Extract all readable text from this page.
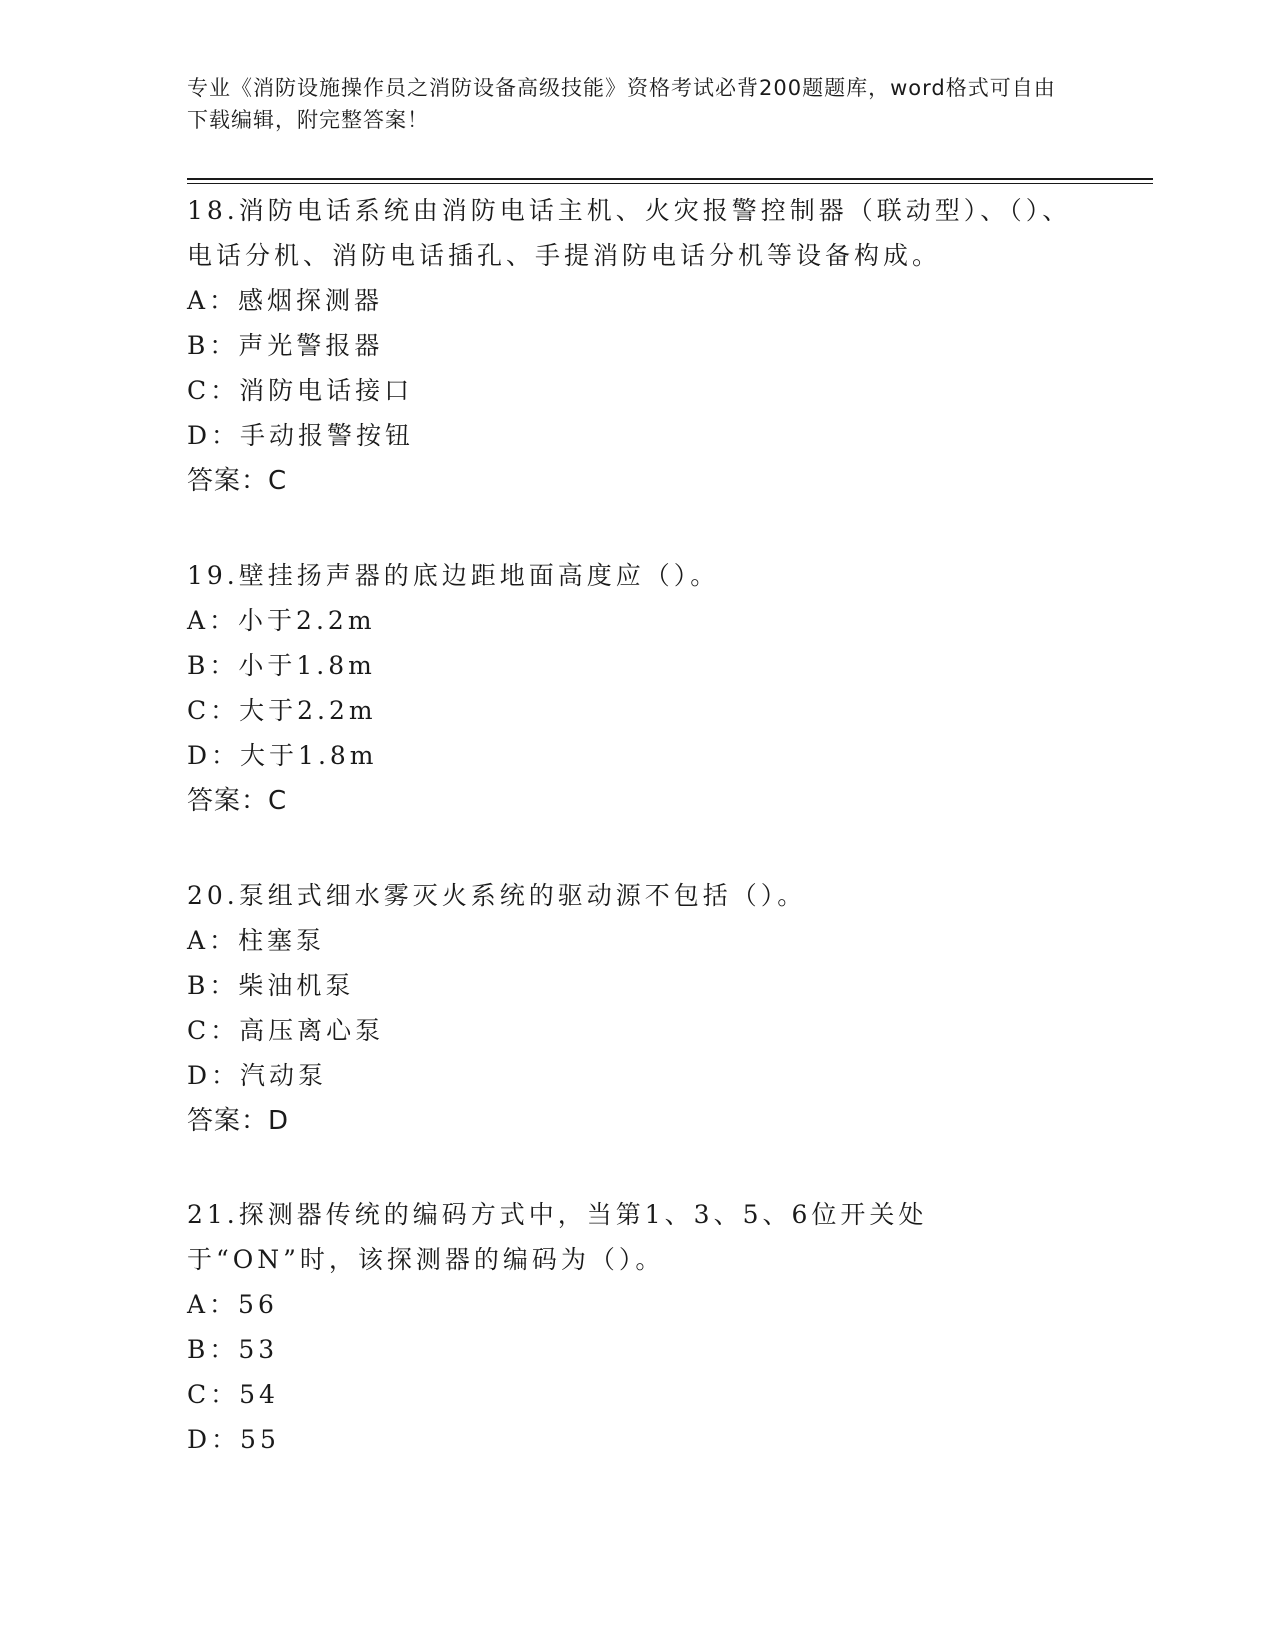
专业《消防设施操作员之消防设备高级技能》资格考试必背200题题库，word格式可自由下载编辑，附完整答案！

18.消防电话系统由消防电话主机、火灾报警控制器（联动型）、（）、电话分机、消防电话插孔、手提消防电话分机等设备构成。

A：感烟探测器

B：声光警报器

C：消防电话接口

D：手动报警按钮

答案：C

19.壁挂扬声器的底边距地面高度应（）。

A：小于2.2m

B：小于1.8m

C：大于2.2m

D：大于1.8m

答案：C

20.泵组式细水雾灭火系统的驱动源不包括（）。

A：柱塞泵

B：柴油机泵

C：高压离心泵

D：汽动泵

答案：D

21.探测器传统的编码方式中，当第1、3、5、6位开关处于“ON”时，该探测器的编码为（）。

A：56

B：53

C：54

D：55
